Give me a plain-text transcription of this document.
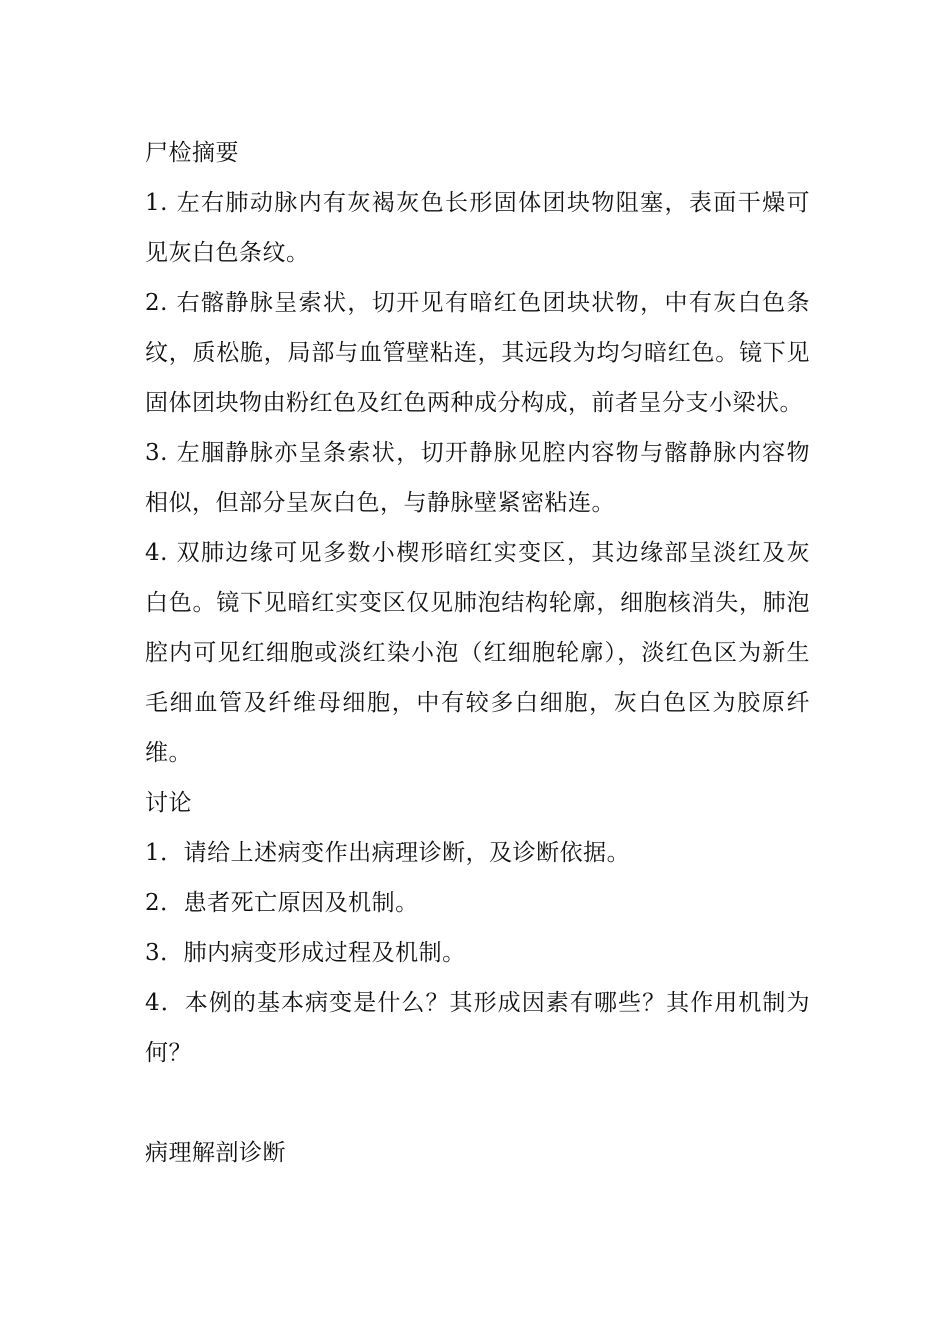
尸检摘要

1. 左右肺动脉内有灰褐灰色长形固体团块物阻塞，表面干燥可见灰白色条纹。

2. 右髂静脉呈索状，切开见有暗红色团块状物，中有灰白色条纹，质松脆，局部与血管壁粘连，其远段为均匀暗红色。镜下见固体团块物由粉红色及红色两种成分构成，前者呈分支小梁状。

3. 左腘静脉亦呈条索状，切开静脉见腔内容物与髂静脉内容物相似，但部分呈灰白色，与静脉壁紧密粘连。

4. 双肺边缘可见多数小楔形暗红实变区，其边缘部呈淡红及灰白色。镜下见暗红实变区仅见肺泡结构轮廓，细胞核消失，肺泡腔内可见红细胞或淡红染小泡（红细胞轮廓），淡红色区为新生毛细血管及纤维母细胞，中有较多白细胞，灰白色区为胶原纤维。

讨论

1．请给上述病变作出病理诊断，及诊断依据。

2．患者死亡原因及机制。

3．肺内病变形成过程及机制。

4．本例的基本病变是什么？其形成因素有哪些？其作用机制为何？

病理解剖诊断
